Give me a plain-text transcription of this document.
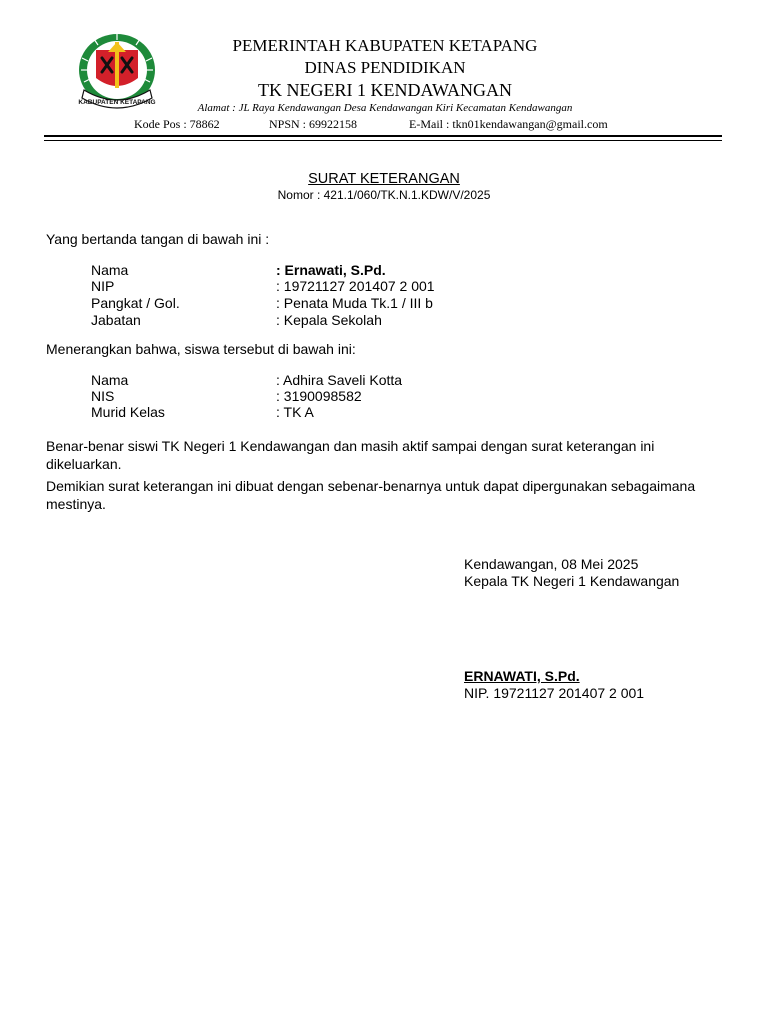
KABUPATEN KETAPANG
PEMERINTAH KABUPATEN KETAPANG
DINAS PENDIDIKAN
TK NEGERI 1 KENDAWANGAN
Alamat : JL Raya Kendawangan Desa Kendawangan Kiri Kecamatan Kendawangan
Kode Pos : 78862	NPSN : 69922158	E-Mail : tkn01kendawangan@gmail.com
SURAT KETERANGAN
Nomor : 421.1/060/TK.N.1.KDW/V/2025
Yang bertanda tangan di bawah ini :
Nama	: Ernawati, S.Pd.
NIP	: 19721127 201407 2 001
Pangkat / Gol.	: Penata Muda Tk.1 / III b
Jabatan	: Kepala Sekolah
Menerangkan bahwa, siswa tersebut di bawah ini:
Nama	: Adhira Saveli Kotta
NIS	: 3190098582
Murid Kelas	: TK A
Benar-benar siswi TK Negeri 1 Kendawangan dan masih aktif sampai dengan surat keterangan ini dikeluarkan.
Demikian surat keterangan ini dibuat dengan sebenar-benarnya untuk dapat dipergunakan sebagaimana mestinya.
Kendawangan, 08 Mei 2025
Kepala TK Negeri 1 Kendawangan
ERNAWATI, S.Pd.
NIP. 19721127 201407 2 001
